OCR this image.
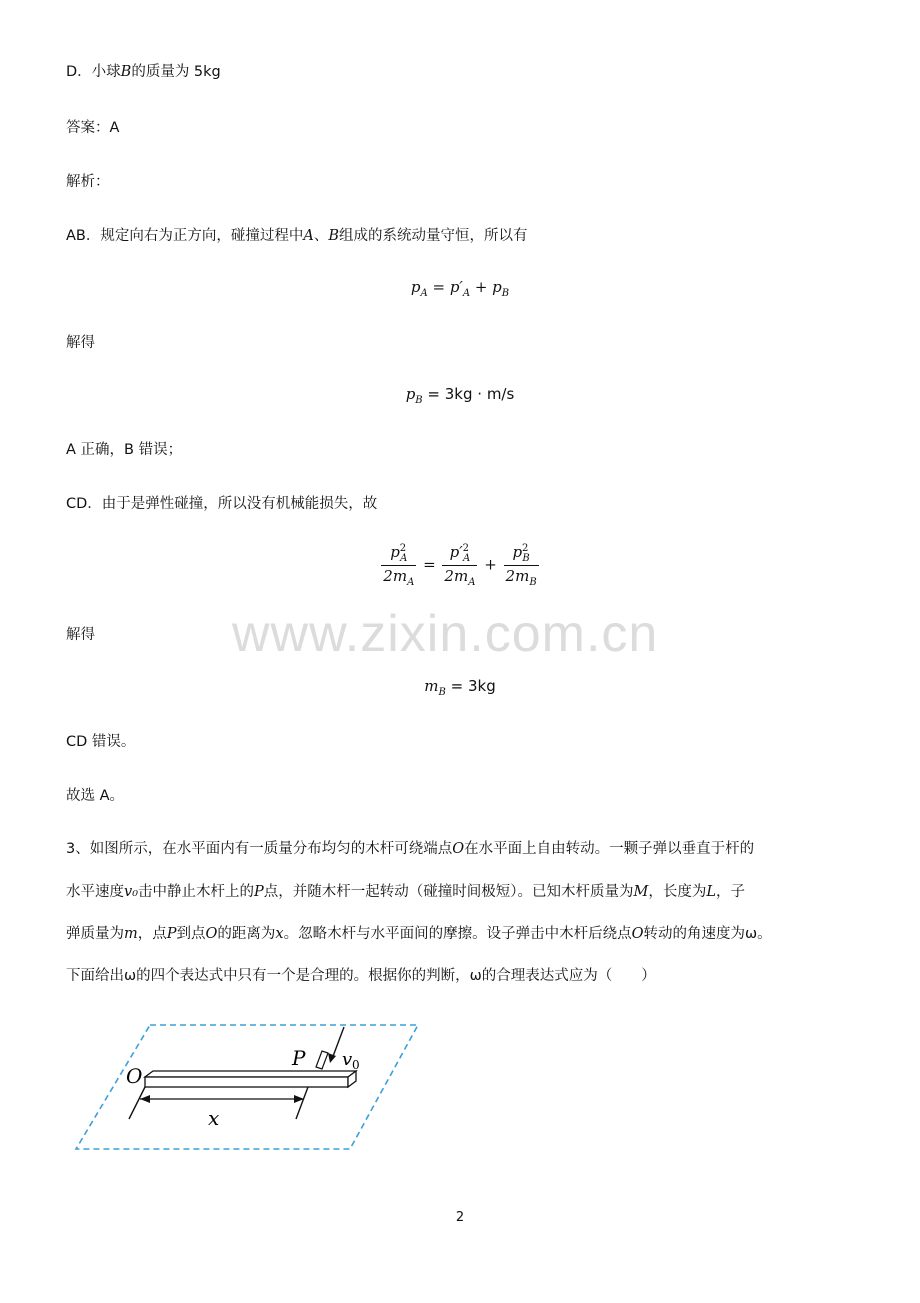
D．小球B的质量为 5kg
答案：A
解析：
AB．规定向右为正方向，碰撞过程中A、B组成的系统动量守恒，所以有
$p_A = p'_A + p_B$
解得
$p_B = 3kg \cdot m/s$
A 正确，B 错误；
CD．由于是弹性碰撞，所以没有机械能损失，故
$\frac{p^2_A}{2m_A} = \frac{p'^2_A}{2m_A} + \frac{p^2_B}{2m_B}$
解得
$m_B = 3kg$
CD 错误。
故选 A。
3、如图所示，在水平面内有一质量分布均匀的木杆可绕端点O在水平面上自由转动。一颗子弹以垂直于杆的
水平速度v₀击中静止木杆上的P点，并随木杆一起转动（碰撞时间极短）。已知木杆质量为M，长度为L，子
弹质量为m，点P到点O的距离为x。忽略木杆与水平面间的摩擦。设子弹击中木杆后绕点O转动的角速度为ω。
下面给出ω的四个表达式中只有一个是合理的。根据你的判断，ω的合理表达式应为（　　）
O
P v 0
x
www.zixin.com.cn
2
